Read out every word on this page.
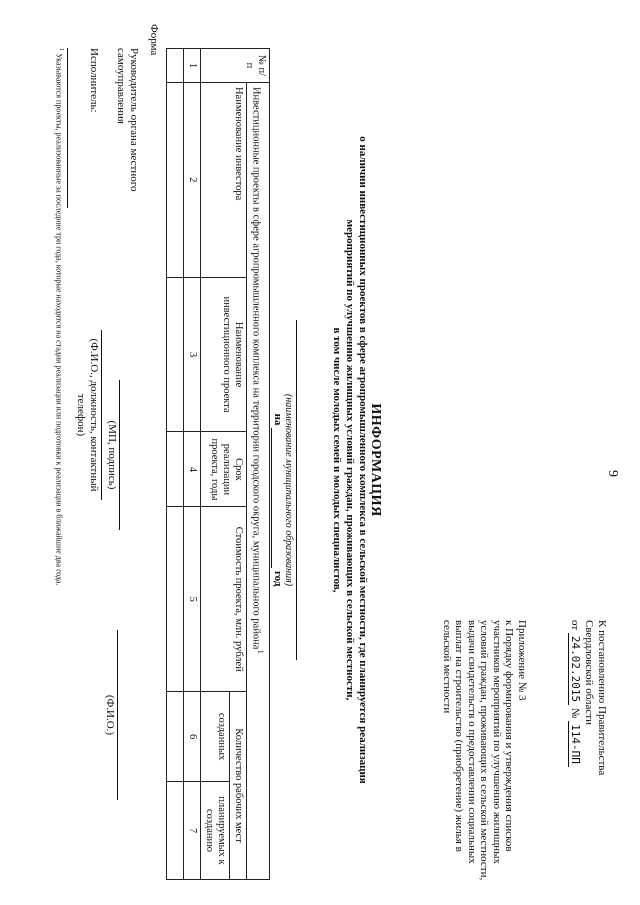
9
Форма
К постановлению Правительства
Свердловской области
от 24.02.2015 № 114-ПП
Приложение № 3
к Порядку формирования и утверждения списков участников мероприятий по улучшению жилищных условий граждан, проживающих в сельской местности, выдачи свидетельств о предоставлении социальных выплат на строительство (приобретение) жилья в сельской местности
ИНФОРМАЦИЯ
о наличии инвестиционных проектов в сфере агропромышленного комплекса в сельской местности, где планируется реализация
мероприятий по улучшению жилищных условий граждан, проживающих в сельской местности,
в том числе молодых семей и молодых специалистов,
(наименование муниципального образования)
на   год
№ п/п	Инвестиционные проекты в сфере агропромышленного комплекса на территории городского округа, муниципального района$^1$
	Наименование инвестора	Наименование инвестиционного проекта	Срок реализации проекта, годы	Стоимость проекта, млн. рублей	Количество рабочих мест	
					созданных	планируемых к созданию
1	2	3	4	5	6	7

Руководитель органа местного самоуправления
(МП, подпись)
(Ф.И.О.)
Исполнитель:
(Ф.И.О., должность, контактный телефон)
$^1$ Указываются проекты, реализованные за последние три года, которые находятся на стадии реализации или подготовки к реализации в ближайшие два года.
